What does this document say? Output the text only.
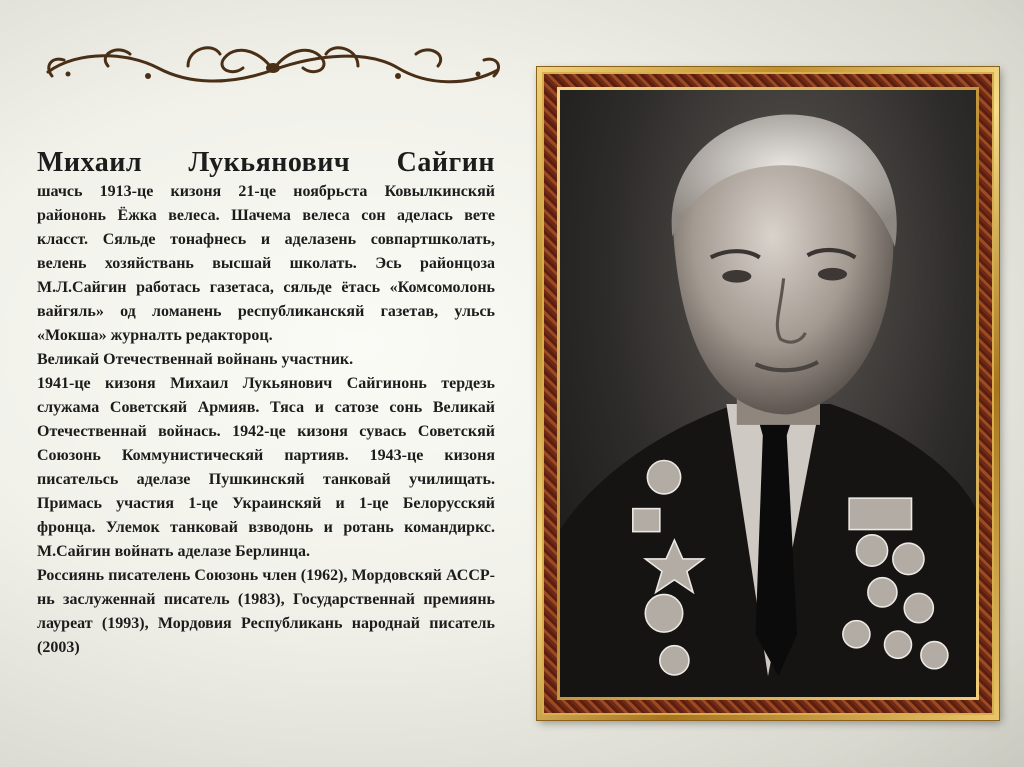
Михаил Лукьянович Сайгин

шачсь 1913-це кизоня 21-це ноябрьста Ковылкинскяй райононь Ёжка велеса. Шачема велеса сон аделась вете класст. Сяльде тонафнесь и аделазень совпартшколать, велень хозяйствань высшай школать. Эсь районцоза М.Л.Сайгин работась газетаса, сяльде ётась «Комсомолонь вайгяль» од ломанень республиканскяй газетав, ульсь «Мокша» журналть редактороц.

Великай Отечественнай войнань участник.

1941-це кизоня Михаил Лукьянович Сайгинонь тердезь служама Советскяй Армияв. Тяса и сатозе сонь Великай Отечественнай войнась. 1942-це кизоня сувась Советскяй Союзонь Коммунистическяй партияв. 1943-це кизоня писательсь аделазе Пушкинскяй танковай училищать. Примась участия 1-це Украинскяй и 1-це Белорусскяй фронца. Улемок танковай взводонь и ротань командиркс. М.Сайгин войнать аделазе Берлинца.

Россиянь писателень Союзонь член (1962), Мордовскяй АССР-нь заслуженнай писатель (1983), Государственнай премиянь лауреат (1993), Мордовия Республикань народнай писатель (2003)
